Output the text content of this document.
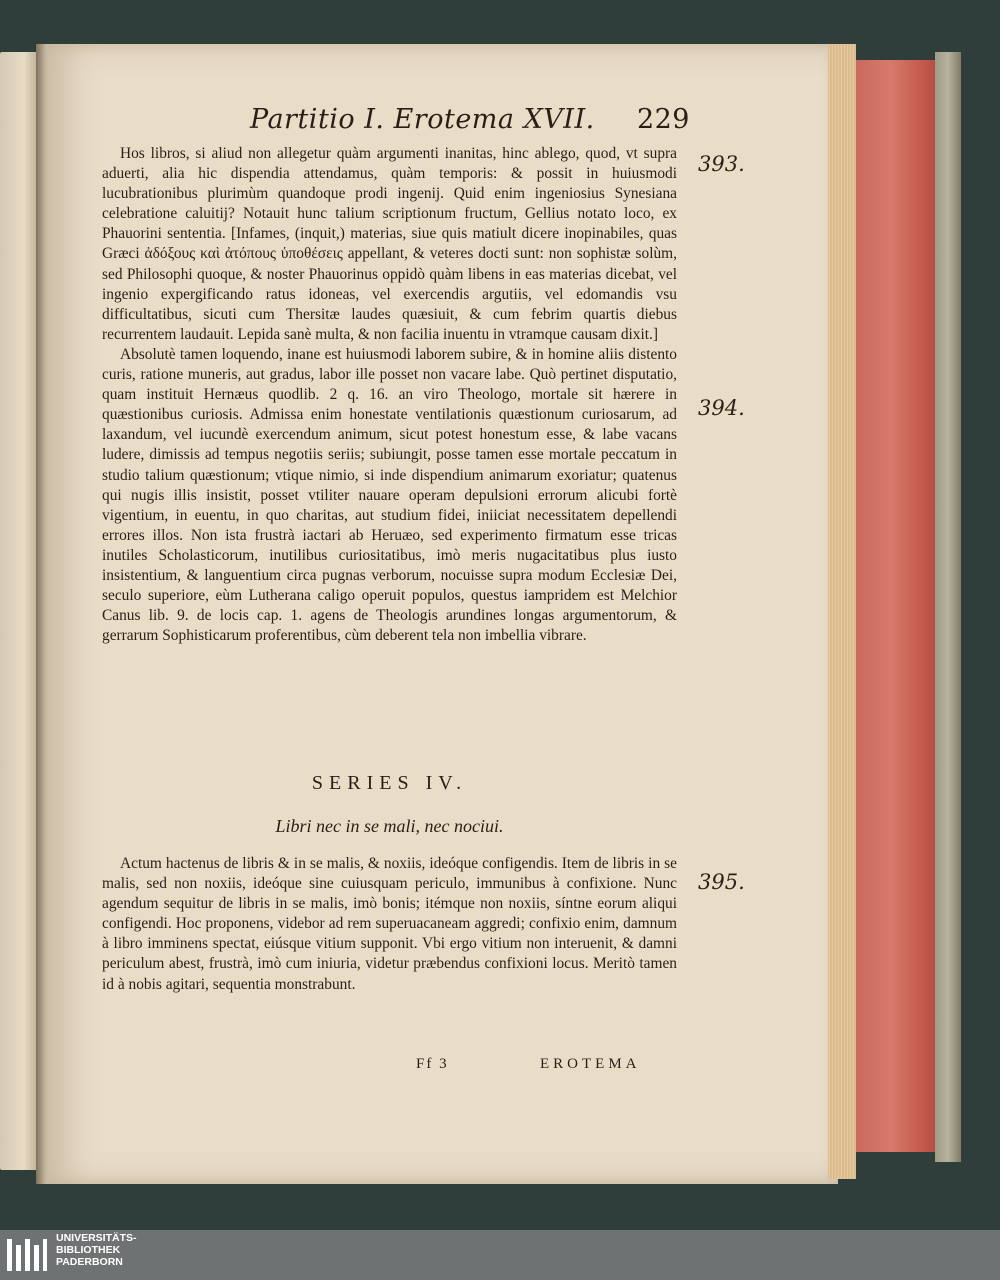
Partitio I. Erotema XVII. 229
393.
394.
395.

Hos libros, si aliud non allegetur quàm argumenti inanitas, hinc ablego, quod, vt supra aduerti, alia hic dispendia attendamus, quàm temporis: & possit in huiusmodi lucubrationibus plurimùm quandoque prodi ingenij. Quid enim ingeniosius Synesiana celebratione caluitij? Notauit hunc talium scriptionum fructum, Gellius notato loco, ex Phauorini sententia. [Infames, (inquit,) materias, siue quis matiult dicere inopinabiles, quas Græci ἀδόξους καὶ ἀτόπους ὑποθέσεις appellant, & veteres docti sunt: non sophistæ solùm, sed Philosophi quoque, & noster Phauorinus oppidò quàm libens in eas materias dicebat, vel ingenio expergificando ratus idoneas, vel exercendis argutiis, vel edomandis vsu difficultatibus, sicuti cum Thersitæ laudes quæsiuit, & cum febrim quartis diebus recurrentem laudauit. Lepida sanè multa, & non facilia inuentu in vtramque causam dixit.]

Absolutè tamen loquendo, inane est huiusmodi laborem subire, & in homine aliis distento curis, ratione muneris, aut gradus, labor ille posset non vacare labe. Quò pertinet disputatio, quam instituit Hernæus quodlib. 2 q. 16. an viro Theologo, mortale sit hærere in quæstionibus curiosis. Admissa enim honestate ventilationis quæstionum curiosarum, ad laxandum, vel iucundè exercendum animum, sicut potest honestum esse, & labe vacans ludere, dimissis ad tempus negotiis seriis; subiungit, posse tamen esse mortale peccatum in studio talium quæstionum; vtique nimio, si inde dispendium animarum exoriatur; quatenus qui nugis illis insistit, posset vtiliter nauare operam depulsioni errorum alicubi fortè vigentium, in euentu, in quo charitas, aut studium fidei, iniiciat necessitatem depellendi errores illos. Non ista frustrà iactari ab Heruæo, sed experimento firmatum esse tricas inutiles Scholasticorum, inutilibus curiositatibus, imò meris nugacitatibus plus iusto insistentium, & languentium circa pugnas verborum, nocuisse supra modum Ecclesiæ Dei, seculo superiore, eùm Lutherana caligo operuit populos, questus iampridem est Melchior Canus lib. 9. de locis cap. 1. agens de Theologis arundines longas argumentorum, & gerrarum Sophisticarum proferentibus, cùm deberent tela non imbellia vibrare.

SERIES IV.
Libri nec in se mali, nec nociui.

Actum hactenus de libris & in se malis, & noxiis, ideóque configendis. Item de libris in se malis, sed non noxiis, ideóque sine cuiusquam periculo, immunibus à confixione. Nunc agendum sequitur de libris in se malis, imò bonis; itémque non noxiis, síntne eorum aliqui configendi. Hoc proponens, videbor ad rem superuacaneam aggredi; confixio enim, damnum à libro imminens spectat, eiúsque vitium supponit. Vbi ergo vitium non interuenit, & damni periculum abest, frustrà, imò cum iniuria, videtur præbendus confixioni locus. Meritò tamen id à nobis agitari, sequentia monstrabunt.

Ff 3	EROTEMA
UNIVERSITÄTS-
BIBLIOTHEK
PADERBORN
